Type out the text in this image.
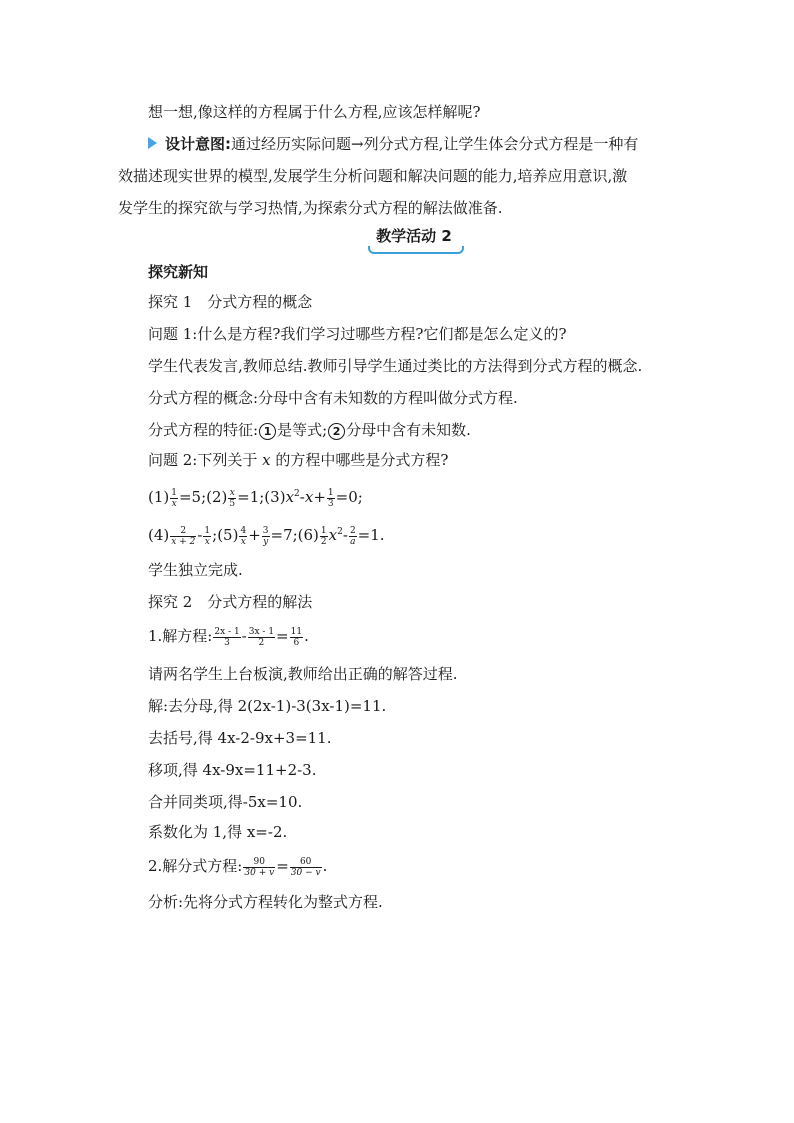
想一想,像这样的方程属于什么方程,应该怎样解呢?
设计意图:通过经历实际问题→列分式方程,让学生体会分式方程是一种有
效描述现实世界的模型,发展学生分析问题和解决问题的能力,培养应用意识,激
发学生的探究欲与学习热情,为探索分式方程的解法做准备.
教学活动 2
探究新知
探究 1　分式方程的概念
问题 1:什么是方程?我们学习过哪些方程?它们都是怎么定义的?
学生代表发言,教师总结.教师引导学生通过类比的方法得到分式方程的概念.
分式方程的概念:分母中含有未知数的方程叫做分式方程.
分式方程的特征: 1 是等式; 2 分母中含有未知数.
问题 2:下列关于 x 的方程中哪些是分式方程?
$(1) \frac{1}{x}$ =5;(2) $\frac{x}{5}$ $=1;(3)x^2-x+ \frac{1}{3} =0$;
$(4) \frac{2}{x + 2} - \frac{1}{x}$ ;(5) $\frac{4}{x} + \frac{3}{y}$ =7;(6) $\frac{1}{2} x^2- \frac{2}{a} =1$.
学生独立完成.
探究 2　分式方程的解法
1.解方程: $\frac{2x - 1}{3} - \frac{3x - 1}{2} = \frac{11}{6}$ .
请两名学生上台板演,教师给出正确的解答过程.
解:去分母,得 2(2x-1)-3(3x-1)=11.
去括号,得 4x-2-9x+3=11.
移项,得 4x-9x=11+2-3.
合并同类项,得-5x=10.
系数化为 1,得 x=-2.
2.解分式方程: $\frac{90}{30 + v} = \frac{60}{30 - v}$ .
分析:先将分式方程转化为整式方程.
